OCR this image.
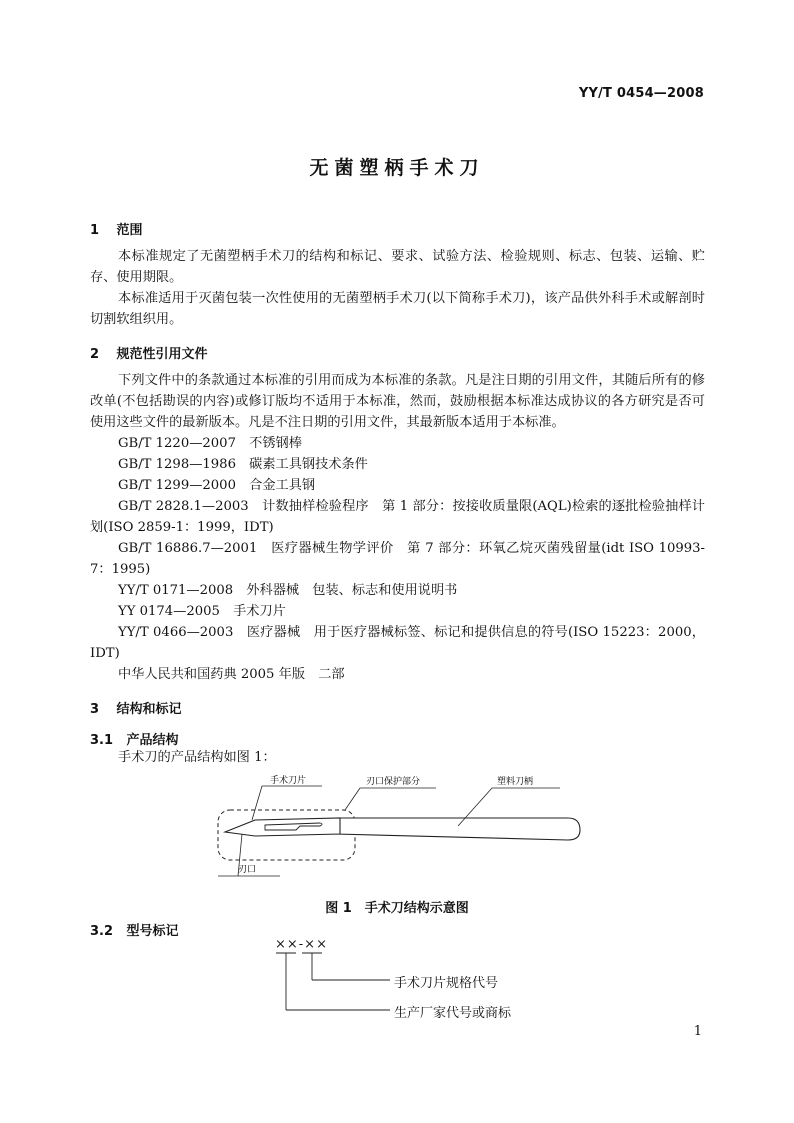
YY/T 0454—2008
无菌塑柄手术刀
1 范围
本标准规定了无菌塑柄手术刀的结构和标记、要求、试验方法、检验规则、标志、包装、运输、贮存、使用期限。
本标准适用于灭菌包装一次性使用的无菌塑柄手术刀(以下简称手术刀)，该产品供外科手术或解剖时切割软组织用。
2 规范性引用文件
下列文件中的条款通过本标准的引用而成为本标准的条款。凡是注日期的引用文件，其随后所有的修改单(不包括勘误的内容)或修订版均不适用于本标准，然而，鼓励根据本标准达成协议的各方研究是否可使用这些文件的最新版本。凡是不注日期的引用文件，其最新版本适用于本标准。
GB/T 1220—2007　不锈钢棒
GB/T 1298—1986　碳素工具钢技术条件
GB/T 1299—2000　合金工具钢
GB/T 2828.1—2003　计数抽样检验程序　第 1 部分：按接收质量限(AQL)检索的逐批检验抽样计划(ISO 2859-1：1999，IDT)
GB/T 16886.7—2001　医疗器械生物学评价　第 7 部分：环氧乙烷灭菌残留量(idt ISO 10993-7：1995)
YY/T 0171—2008　外科器械　包装、标志和使用说明书
YY 0174—2005　手术刀片
YY/T 0466—2003　医疗器械　用于医疗器械标签、标记和提供信息的符号(ISO 15223：2000，IDT)
中华人民共和国药典 2005 年版　二部
3 结构和标记
3.1 产品结构
手术刀的产品结构如图 1：
手术刀片	刃口保护部分	塑料刀柄
刃口
图 1　手术刀结构示意图
3.2 型号标记
××-××
手术刀片规格代号
生产厂家代号或商标
1
